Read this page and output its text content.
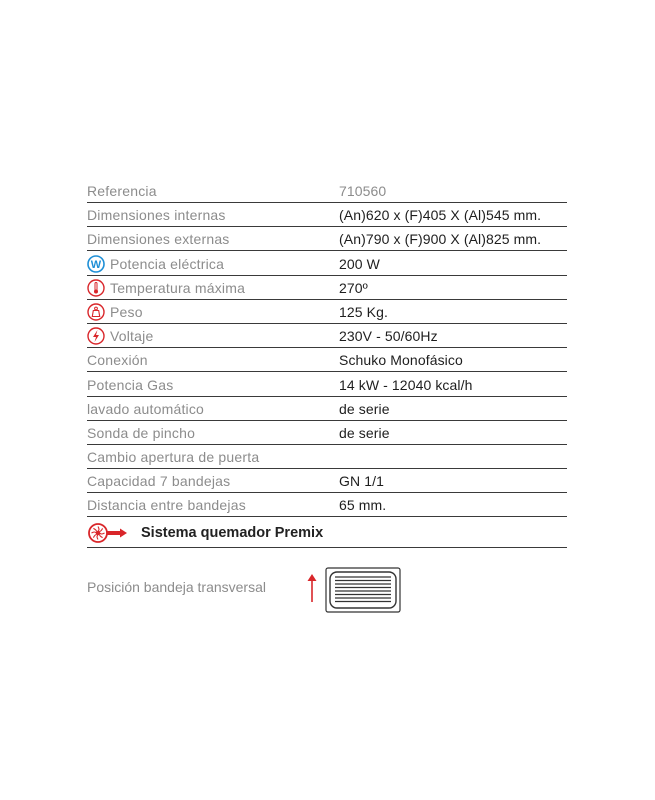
Referencia	710560
Dimensiones internas	(An)620 x (F)405 X (Al)545 mm.
Dimensiones externas	(An)790 x (F)900 X (Al)825 mm.
W Potencia eléctrica	200 W
Temperatura máxima	270º
Peso	125 Kg.
Voltaje	230V - 50/60Hz
Conexión	Schuko Monofásico
Potencia Gas	14 kW - 12040 kcal/h
lavado automático	de serie
Sonda de pincho	de serie
Cambio apertura de puerta
Capacidad 7 bandejas	GN 1/1
Distancia entre bandejas	65 mm.
Sistema quemador Premix
Posición bandeja transversal
